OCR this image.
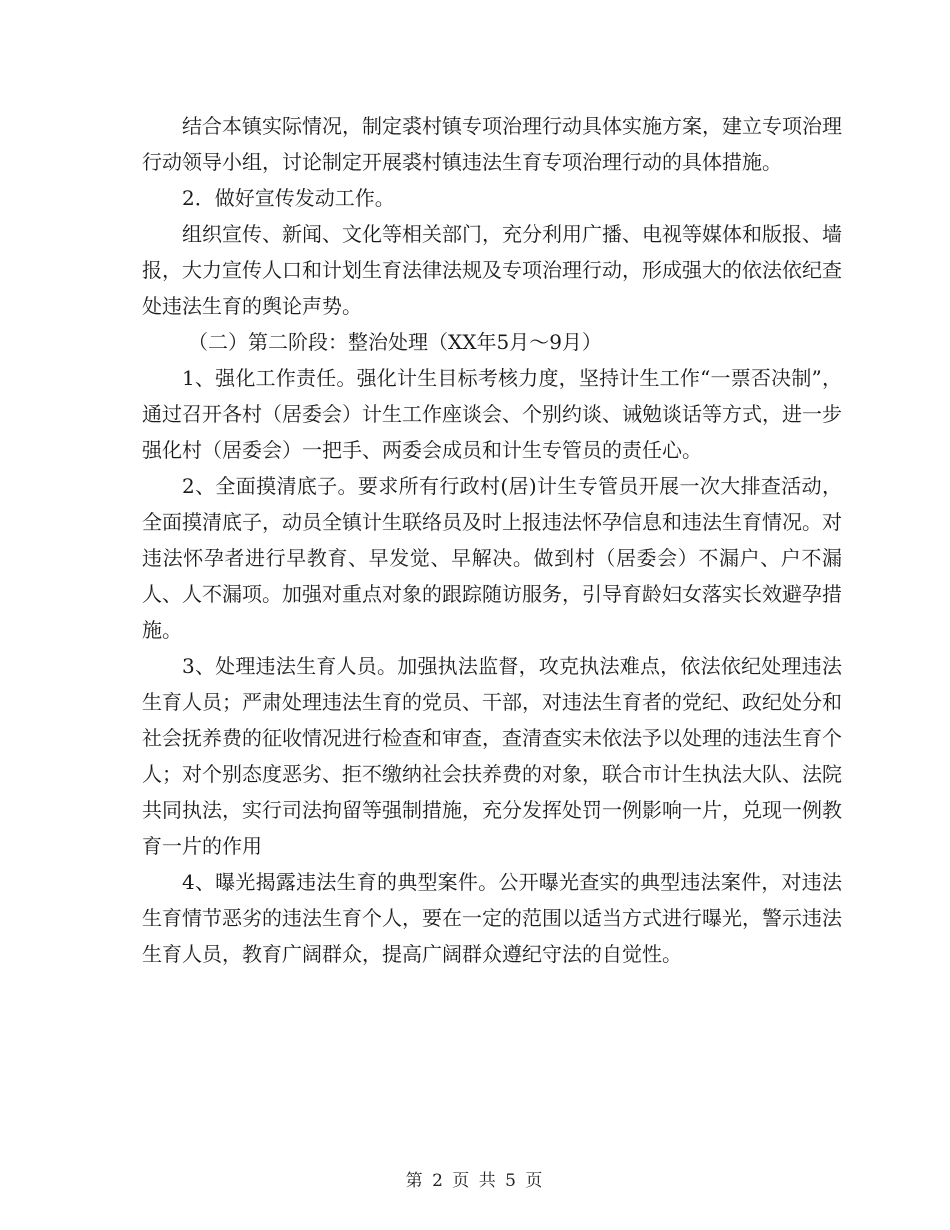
结合本镇实际情况，制定裘村镇专项治理行动具体实施方案，建立专项治理行动领导小组，讨论制定开展裘村镇违法生育专项治理行动的具体措施。

2．做好宣传发动工作。

组织宣传、新闻、文化等相关部门，充分利用广播、电视等媒体和版报、墙报，大力宣传人口和计划生育法律法规及专项治理行动，形成强大的依法依纪查处违法生育的舆论声势。

（二）第二阶段：整治处理（XX年5月～9月）

1、强化工作责任。强化计生目标考核力度，坚持计生工作“一票否决制”，通过召开各村（居委会）计生工作座谈会、个别约谈、诫勉谈话等方式，进一步强化村（居委会）一把手、两委会成员和计生专管员的责任心。

2、全面摸清底子。要求所有行政村(居)计生专管员开展一次大排查活动，全面摸清底子，动员全镇计生联络员及时上报违法怀孕信息和违法生育情况。对违法怀孕者进行早教育、早发觉、早解决。做到村（居委会）不漏户、户不漏人、人不漏项。加强对重点对象的跟踪随访服务，引导育龄妇女落实长效避孕措施。

3、处理违法生育人员。加强执法监督，攻克执法难点，依法依纪处理违法生育人员；严肃处理违法生育的党员、干部，对违法生育者的党纪、政纪处分和社会抚养费的征收情况进行检查和审查，查清查实未依法予以处理的违法生育个人；对个别态度恶劣、拒不缴纳社会扶养费的对象，联合市计生执法大队、法院共同执法，实行司法拘留等强制措施，充分发挥处罚一例影响一片，兑现一例教育一片的作用

4、曝光揭露违法生育的典型案件。公开曝光查实的典型违法案件，对违法生育情节恶劣的违法生育个人，要在一定的范围以适当方式进行曝光，警示违法生育人员，教育广阔群众，提高广阔群众遵纪守法的自觉性。

第 2 页 共 5 页
